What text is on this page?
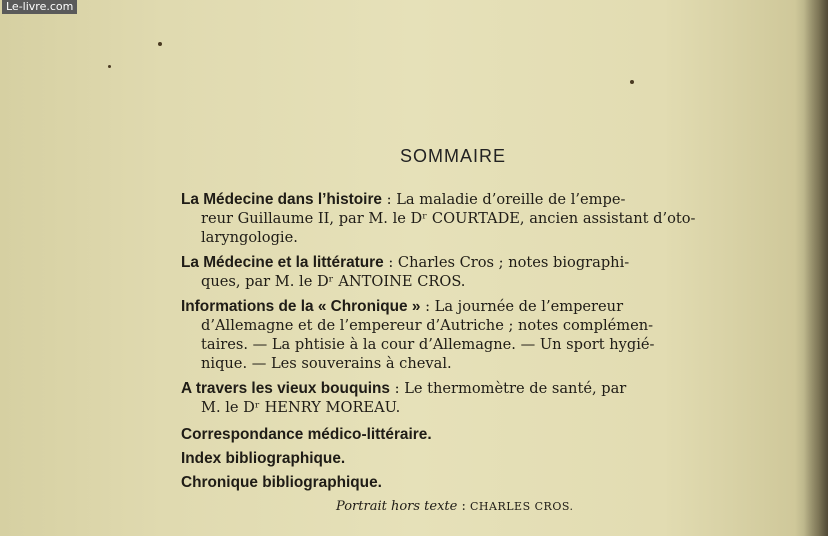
Le-livre.com
SOMMAIRE
La Médecine dans l’histoire : La maladie d’oreille de l’empe-
reur Guillaume II, par M. le Dʳ COURTADE, ancien assistant d’oto-
laryngologie.
La Médecine et la littérature : Charles Cros ; notes biographi-
ques, par M. le Dʳ ANTOINE CROS.
Informations de la « Chronique » : La journée de l’empereur
d’Allemagne et de l’empereur d’Autriche ; notes complémen-
taires. — La phtisie à la cour d’Allemagne. — Un sport hygié-
nique. — Les souverains à cheval.
A travers les vieux bouquins : Le thermomètre de santé, par
M. le Dʳ HENRY MOREAU.
Correspondance médico-littéraire.
Index bibliographique.
Chronique bibliographique.
Portrait hors texte : CHARLES CROS.
